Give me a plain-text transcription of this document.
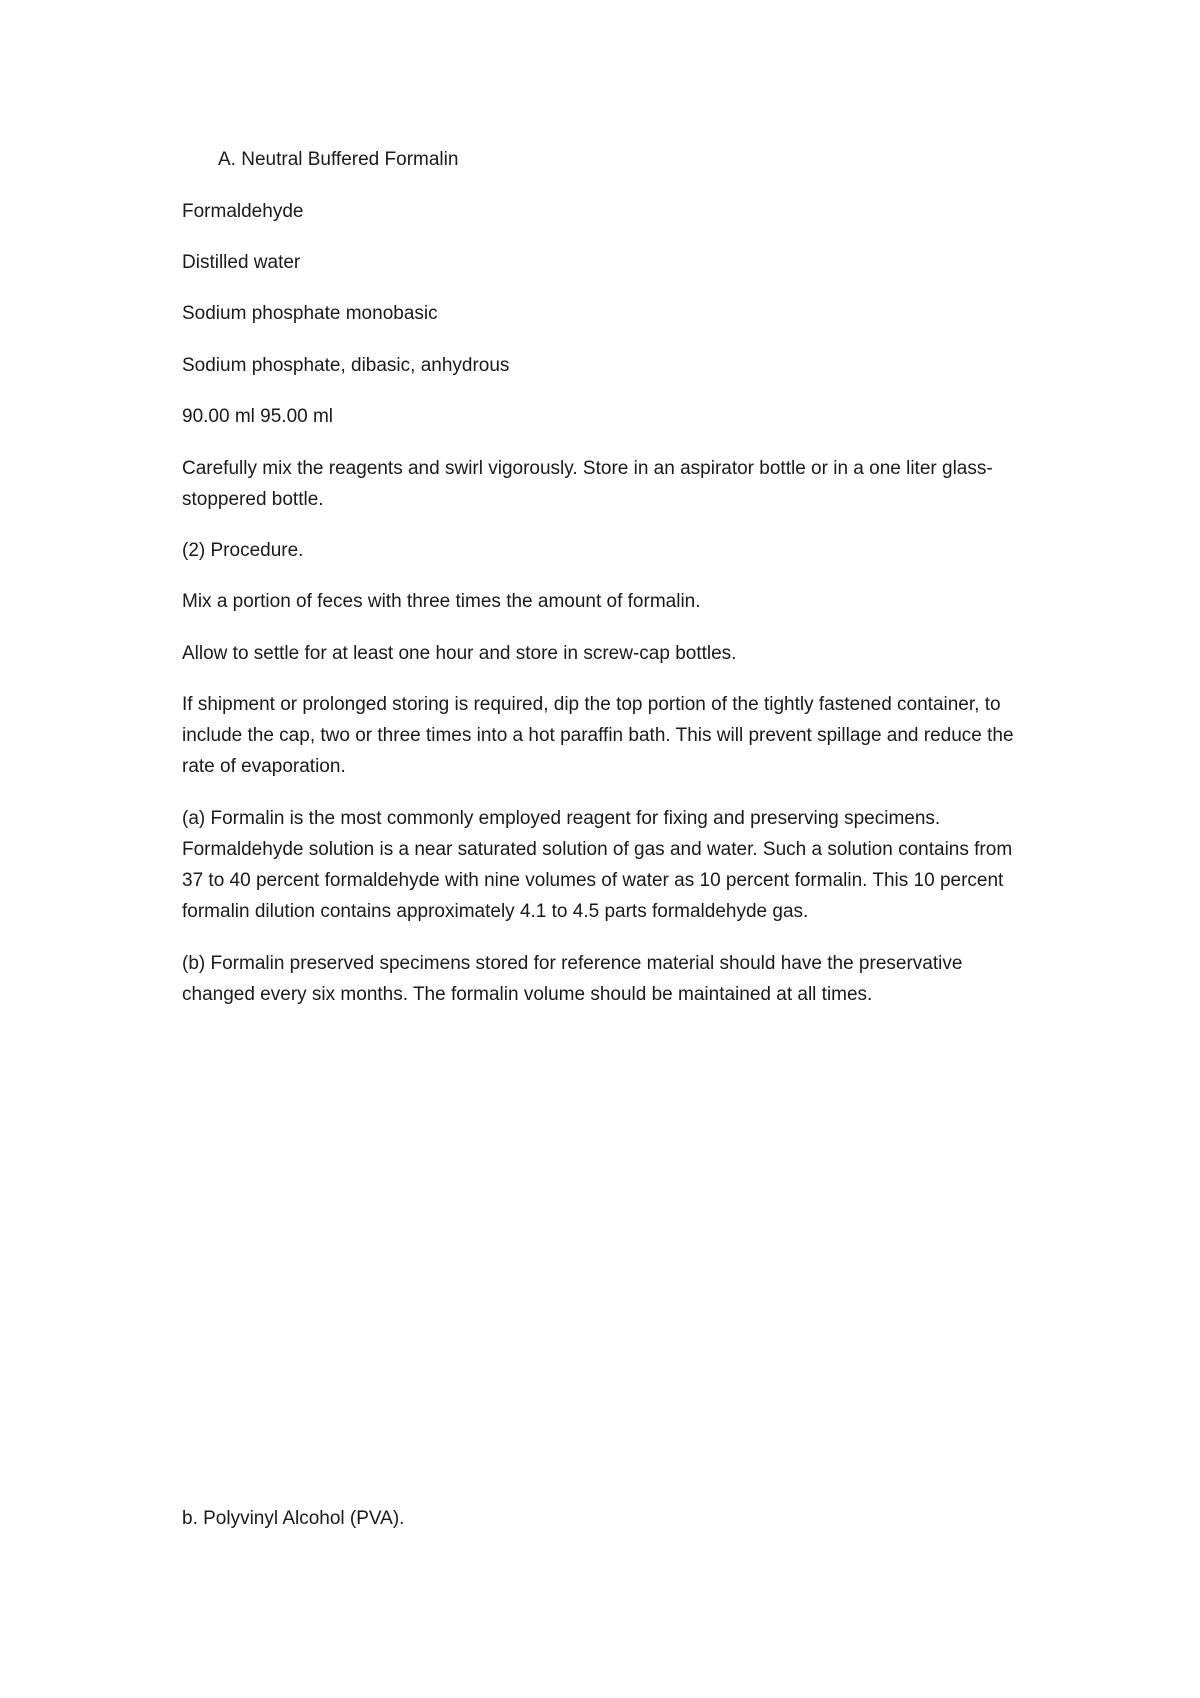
A. Neutral Buffered Formalin

Formaldehyde

Distilled water

Sodium phosphate monobasic

Sodium phosphate, dibasic, anhydrous

90.00 ml 95.00 ml

Carefully mix the reagents and swirl vigorously. Store in an aspirator bottle or in a one liter glass-stoppered bottle.

(2) Procedure.

Mix a portion of feces with three times the amount of formalin.

Allow to settle for at least one hour and store in screw-cap bottles.

If shipment or prolonged storing is required, dip the top portion of the tightly fastened container, to include the cap, two or three times into a hot paraffin bath. This will prevent spillage and reduce the rate of evaporation.

(a) Formalin is the most commonly employed reagent for fixing and preserving specimens. Formaldehyde solution is a near saturated solution of gas and water. Such a solution contains from 37 to 40 percent formaldehyde with nine volumes of water as 10 percent formalin. This 10 percent formalin dilution contains approximately 4.1 to 4.5 parts formaldehyde gas.

(b) Formalin preserved specimens stored for reference material should have the preservative changed every six months. The formalin volume should be maintained at all times.

b. Polyvinyl Alcohol (PVA).
